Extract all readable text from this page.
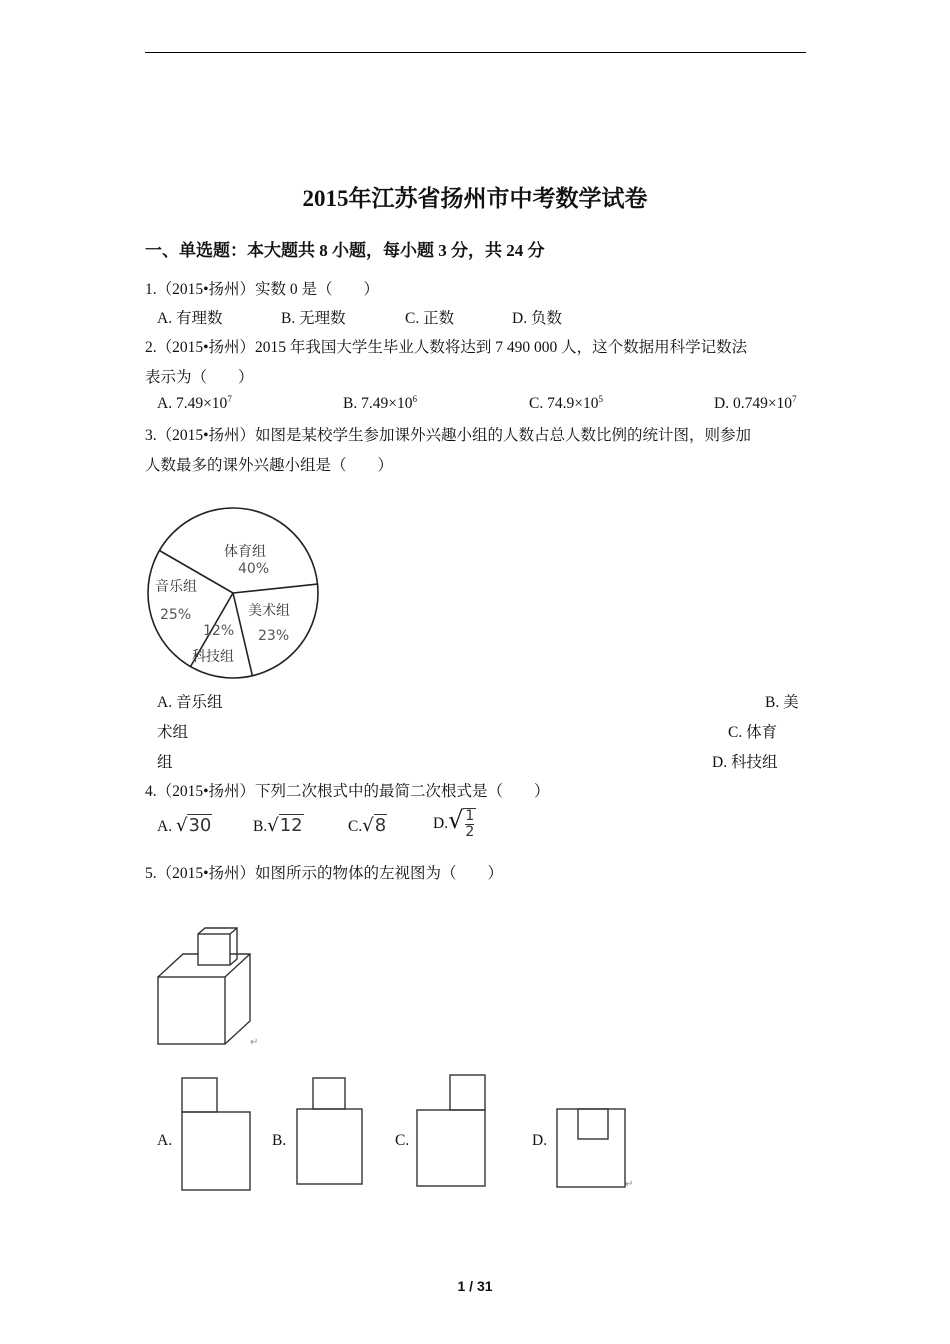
2015年江苏省扬州市中考数学试卷
一、单选题：本大题共 8 小题，每小题 3 分，共 24 分
1.（2015•扬州）实数 0 是（　　）
A. 有理数	B. 无理数	C. 正数	D. 负数
2.（2015•扬州）2015 年我国大学生毕业人数将达到 7 490 000 人，这个数据用科学记数法
表示为（　　）
A. $7.49\times 10^7$	B. $7.49\times 10^6$	C. $74.9\times 10^5$	D. $0.749\times 10^7$
3.（2015•扬州）如图是某校学生参加课外兴趣小组的人数占总人数比例的统计图，则参加
人数最多的课外兴趣小组是（　　）
体育组
40%
美术组
23%
12%
科技组
音乐组
25%
A. 音乐组	B. 美
术组	C. 体育
组	D. 科技组
4.（2015•扬州）下列二次根式中的最简二次根式是（　　）
A. √30	B.√12	C.√8	$D.√ \frac{1}{2}$
5.（2015•扬州）如图所示的物体的左视图为（　　）
↵
A.	B.	C.	D.
↵
1 / 31
